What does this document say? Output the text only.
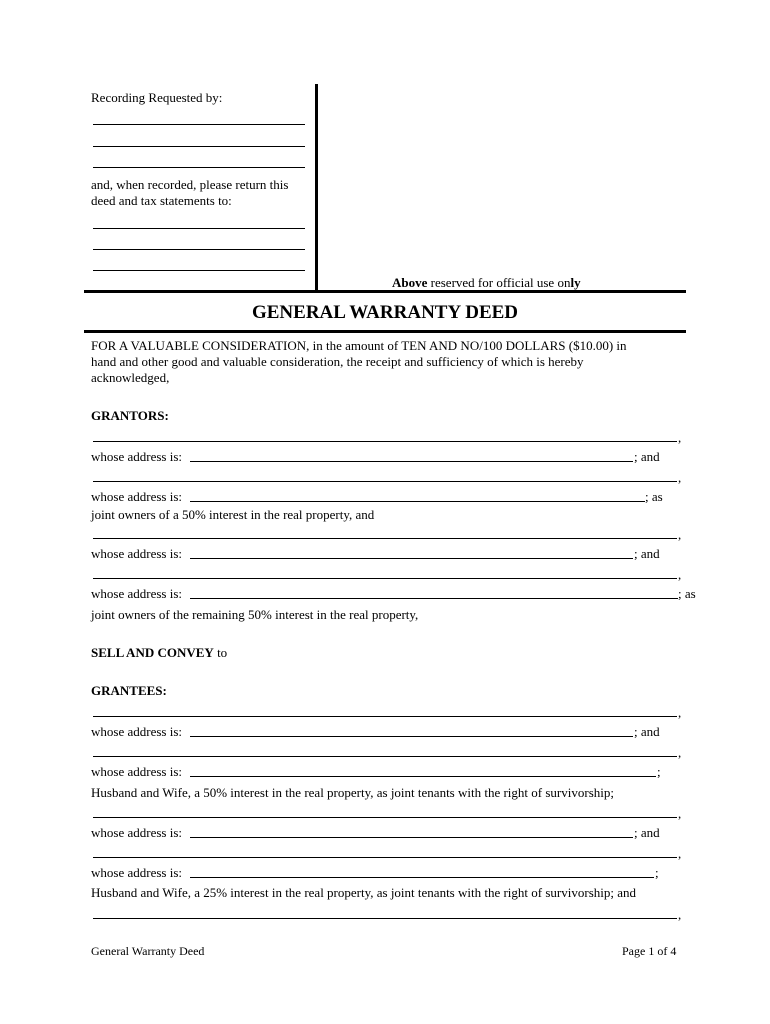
Recording Requested by:
and, when recorded, please return this
deed and tax statements to:
Above reserved for official use only
GENERAL WARRANTY DEED
FOR A VALUABLE CONSIDERATION, in the amount of TEN AND NO/100 DOLLARS ($10.00) in
hand and other good and valuable consideration, the receipt and sufficiency of which is hereby
acknowledged,
GRANTORS:
,
whose address is:	; and
,
whose address is:	; as
joint owners of a 50% interest in the real property, and
,
whose address is:	; and
,
whose address is:	; as
joint owners of the remaining 50% interest in the real property,
SELL AND CONVEY to
GRANTEES:
,
whose address is:	; and
,
whose address is:	;
Husband and Wife, a 50% interest in the real property, as joint tenants with the right of survivorship;
,
whose address is:	; and
,
whose address is:	;
Husband and Wife, a 25% interest in the real property, as joint tenants with the right of survivorship; and
,
General Warranty Deed	Page 1 of 4
